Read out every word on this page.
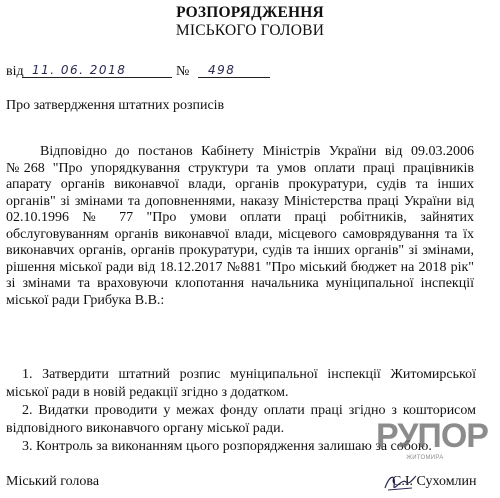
РОЗПОРЯДЖЕННЯ
МІСЬКОГО ГОЛОВИ
від 11. 06. 2018	№	498
Про затвердження штатних розписів
Відповідно до постанов Кабінету Міністрів України від 09.03.2006
№268 "Про упорядкування структури та умов оплати праці працівників
апарату органів виконавчої влади, органів прокуратури, судів та інших
органів" зі змінами та доповненнями, наказу Міністерства праці України від
02.10.1996 № 77 "Про умови оплати праці робітників, зайнятих
обслуговуванням органів виконавчої влади, місцевого самоврядування та їх
виконавчих органів, органів прокуратури, судів та інших органів" зі змінами,
рішення міської ради від 18.12.2017 №881 "Про міський бюджет на 2018 рік"
зі змінами та враховуючи клопотання начальника муніципальної інспекції
міської ради Грибука В.В.:
1. Затвердити штатний розпис муніципальної інспекції Житомирської
міської ради в новій редакції згідно з додатком.
2. Видатки проводити у межах фонду оплати праці згідно з кошторисом
відповідного виконавчого органу міської ради.
3. Контроль за виконанням цього розпорядження залишаю за собою.
РУПОР
ЖИТОМИРА
Міський голова	С.І. Сухомлин
